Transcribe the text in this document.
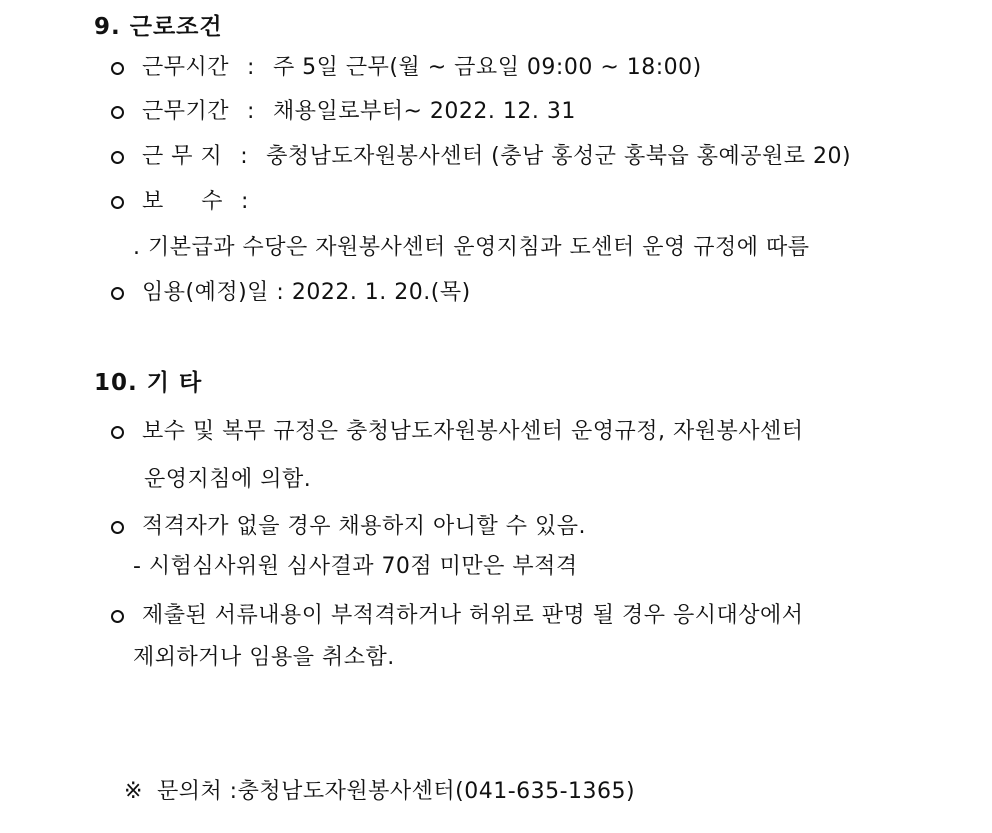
9. 근로조건
근무시간 : 주 5일 근무(월 ~ 금요일 09:00 ~ 18:00)
근무기간 : 채용일로부터~ 2022. 12. 31
근 무 지 : 충청남도자원봉사센터 (충남 홍성군 홍북읍 홍예공원로 20)
보     수 :
. 기본급과 수당은 자원봉사센터 운영지침과 도센터 운영 규정에 따름
임용(예정)일 : 2022. 1. 20.(목)
10. 기 타
보수 및 복무 규정은 충청남도자원봉사센터 운영규정, 자원봉사센터
운영지침에 의함.
적격자가 없을 경우 채용하지 아니할 수 있음.
- 시험심사위원 심사결과 70점 미만은 부적격
제출된 서류내용이 부적격하거나 허위로 판명 될 경우 응시대상에서
제외하거나 임용을 취소함.
※ 문의처 :충청남도자원봉사센터(041-635-1365)
